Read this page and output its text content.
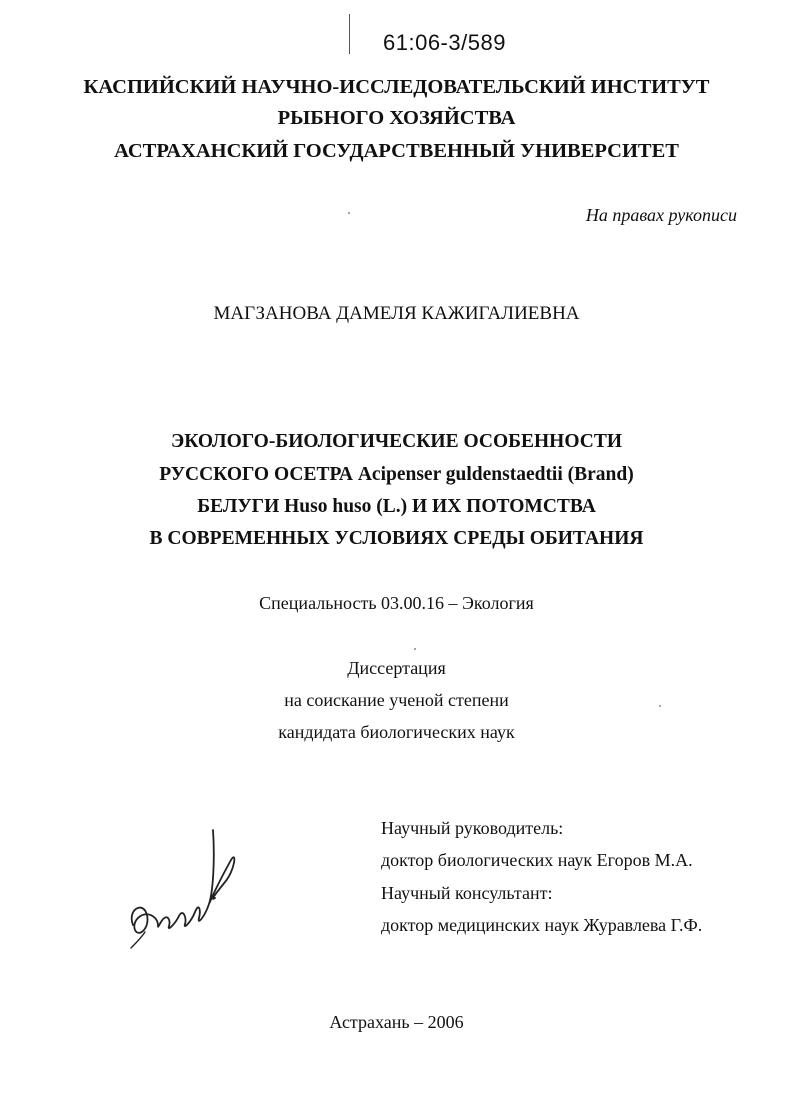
61:06-3/589
КАСПИЙСКИЙ НАУЧНО-ИССЛЕДОВАТЕЛЬСКИЙ ИНСТИТУТ
РЫБНОГО ХОЗЯЙСТВА
АСТРАХАНСКИЙ ГОСУДАРСТВЕННЫЙ УНИВЕРСИТЕТ
На правах рукописи
МАГЗАНОВА ДАМЕЛЯ КАЖИГАЛИЕВНА
ЭКОЛОГО-БИОЛОГИЧЕСКИЕ ОСОБЕННОСТИ
РУССКОГО ОСЕТРА Acipenser guldenstaedtii (Brand)
БЕЛУГИ Huso huso (L.) И ИХ ПОТОМСТВА
В СОВРЕМЕННЫХ УСЛОВИЯХ СРЕДЫ ОБИТАНИЯ
Специальность 03.00.16 – Экология
Диссертация
на соискание ученой степени
кандидата биологических наук
Научный руководитель:
доктор биологических наук Егоров М.А.
Научный консультант:
доктор медицинских наук Журавлева Г.Ф.
Астрахань – 2006
